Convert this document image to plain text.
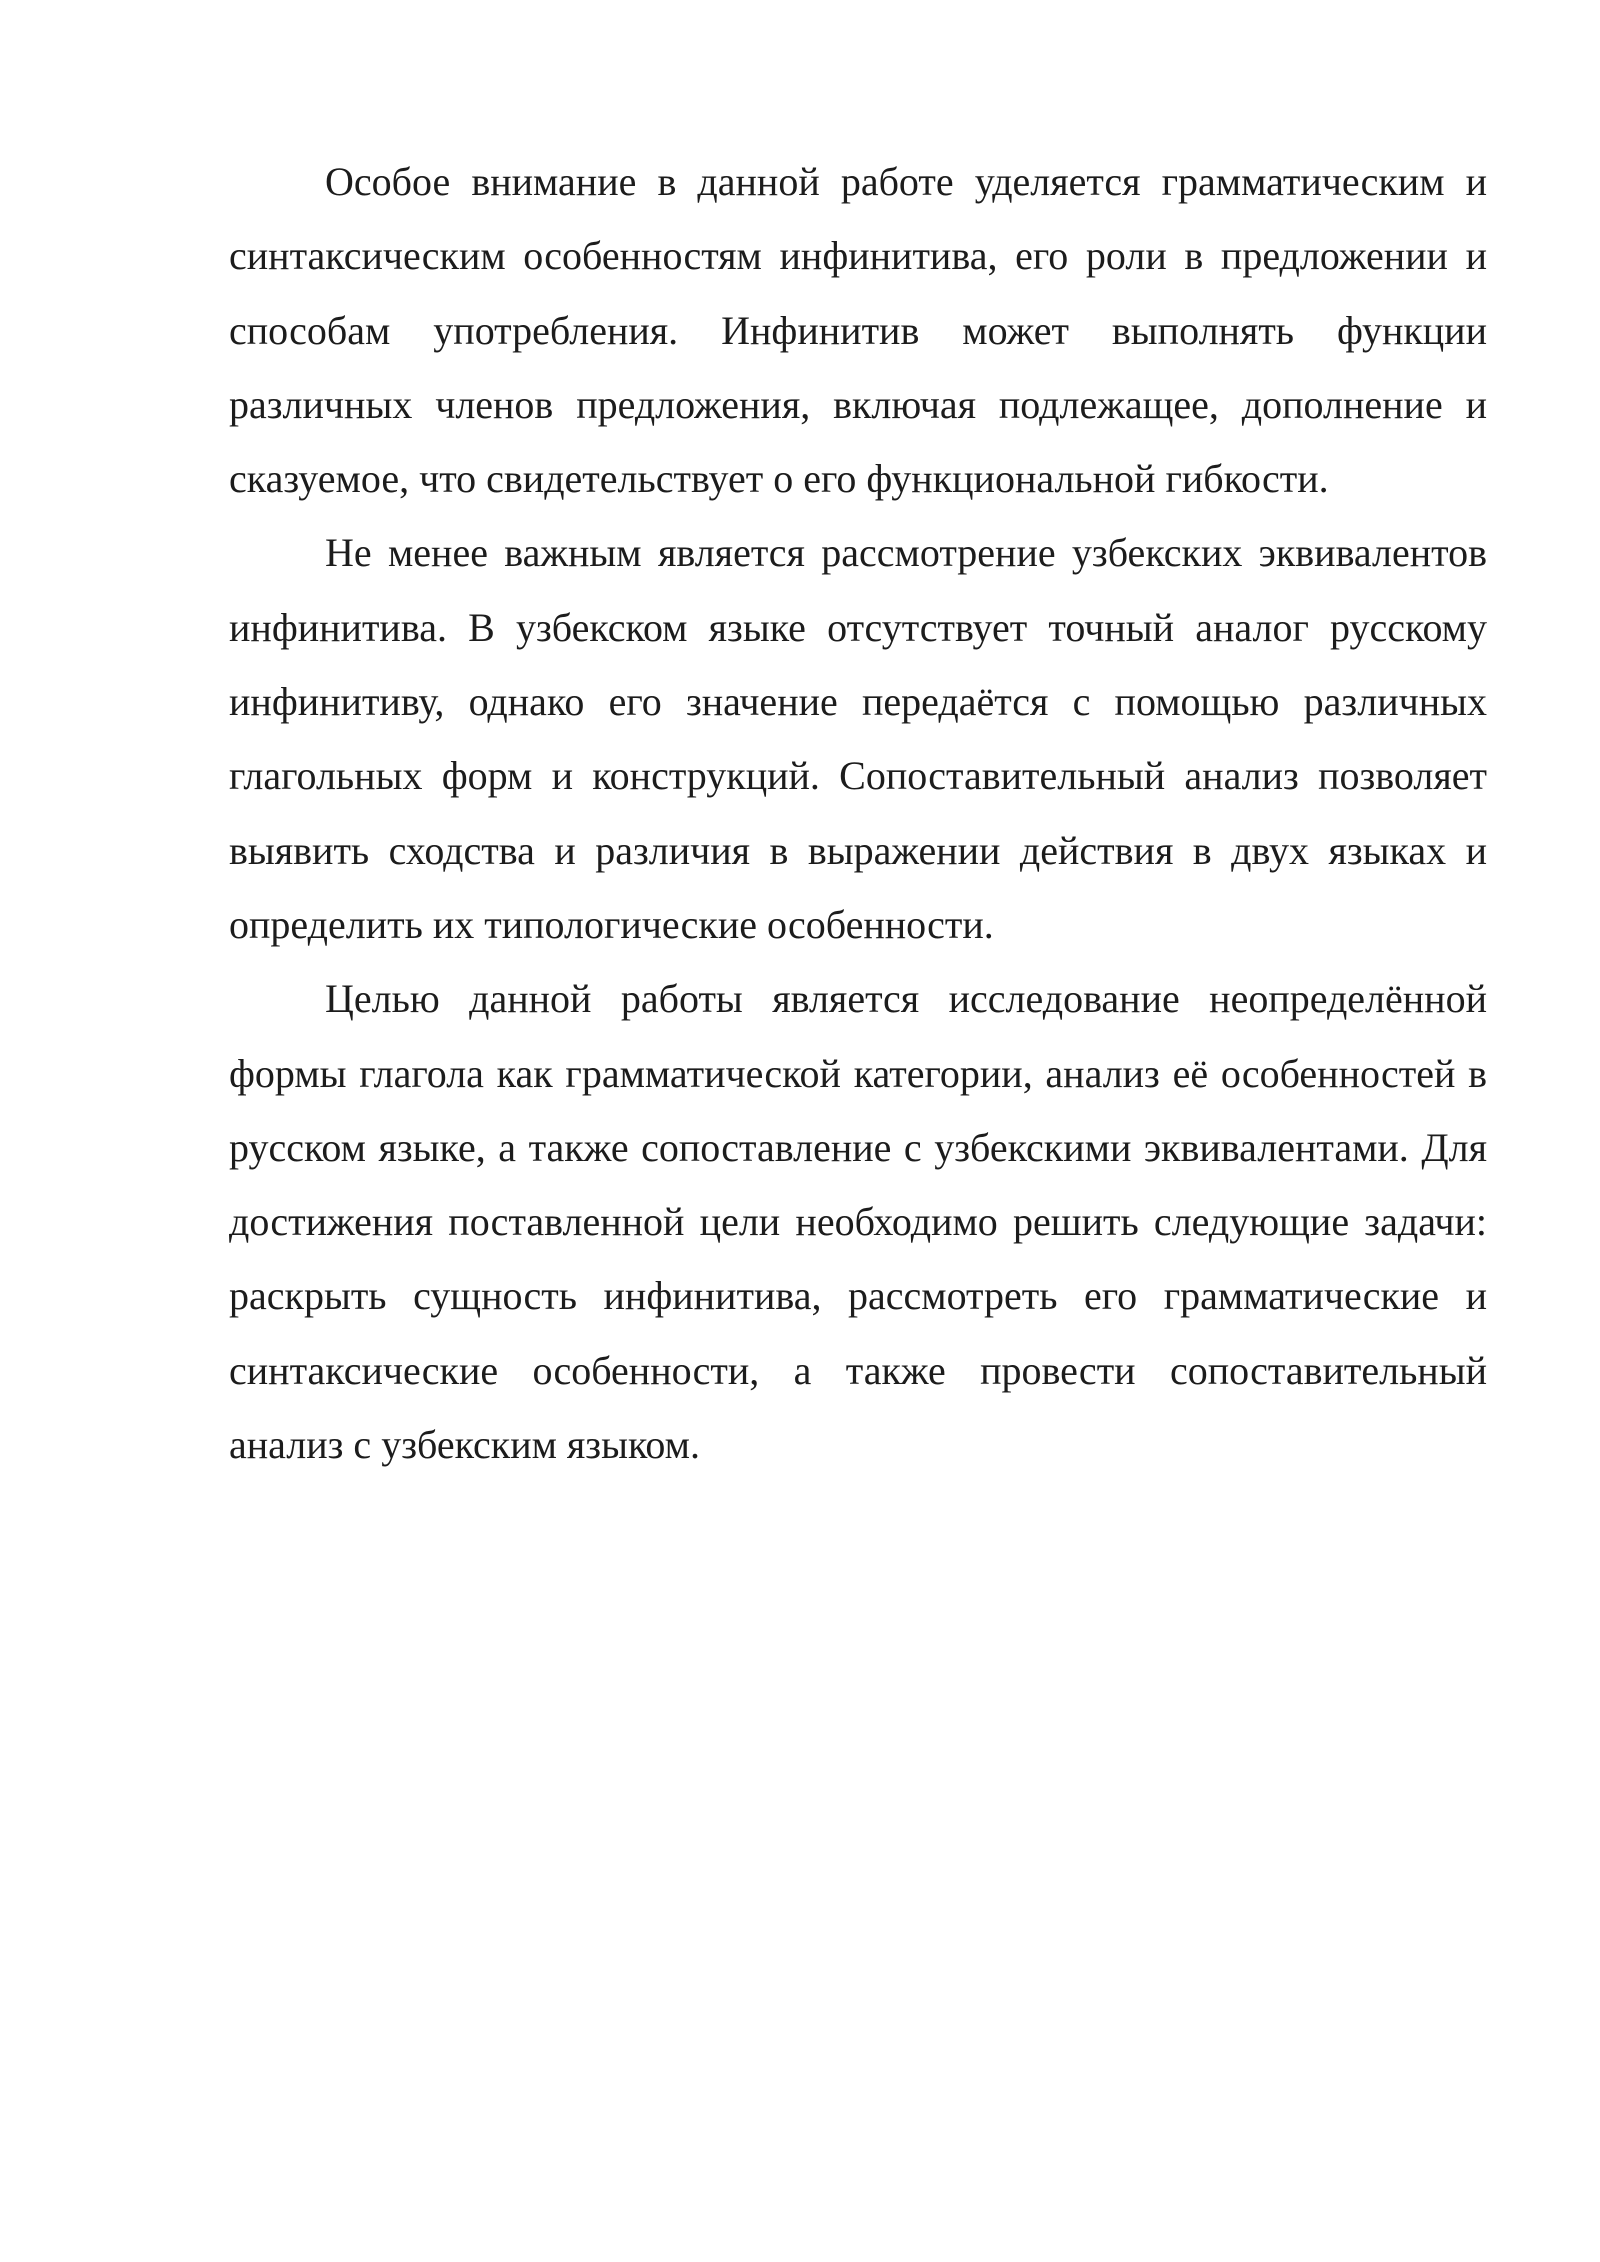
Особое внимание в данной работе уделяется грамматическим и синтаксическим особенностям инфинитива, его роли в предложении и способам употребления. Инфинитив может выполнять функции различных членов предложения, включая подлежащее, дополнение и сказуемое, что свидетельствует о его функциональной гибкости.

Не менее важным является рассмотрение узбекских эквивалентов инфинитива. В узбекском языке отсутствует точный аналог русскому инфинитиву, однако его значение передаётся с помощью различных глагольных форм и конструкций. Сопоставительный анализ позволяет выявить сходства и различия в выражении действия в двух языках и определить их типологические особенности.

Целью данной работы является исследование неопределённой формы глагола как грамматической категории, анализ её особенностей в русском языке, а также сопоставление с узбекскими эквивалентами. Для достижения поставленной цели необходимо решить следующие задачи: раскрыть сущность инфинитива, рассмотреть его грамматические и синтаксические особенности, а также провести сопоставительный анализ с узбекским языком.
